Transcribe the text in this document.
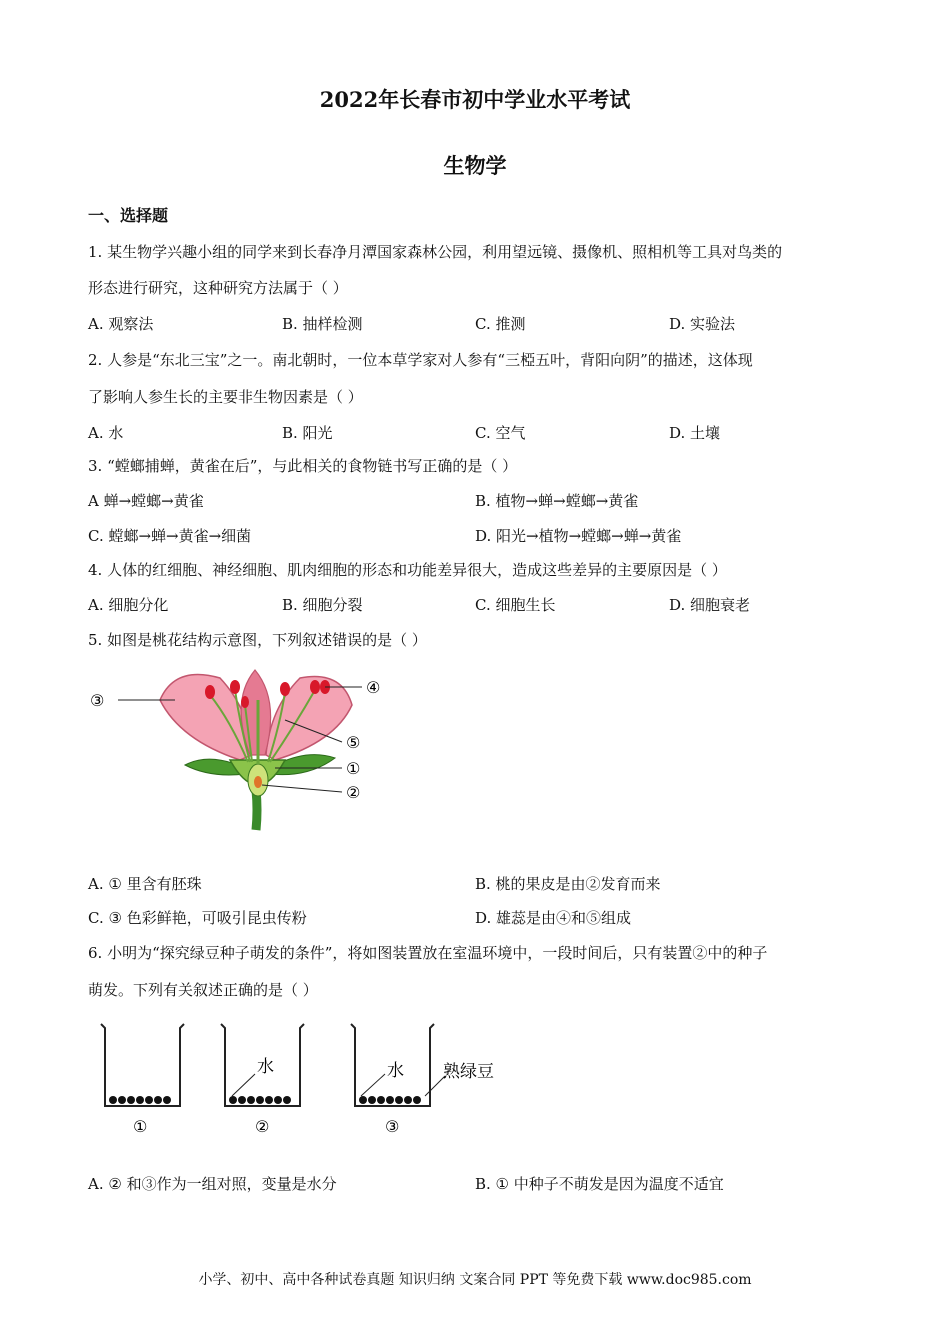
2022年长春市初中学业水平考试
生物学
一、选择题
1. 某生物学兴趣小组的同学来到长春净月潭国家森林公园，利用望远镜、摄像机、照相机等工具对鸟类的
形态进行研究，这种研究方法属于（ ）
A. 观察法	B. 抽样检测	C. 推测	D. 实验法
2. 人参是“东北三宝”之一。南北朝时，一位本草学家对人参有“三椏五叶，背阳向阴”的描述，这体现
了影响人参生长的主要非生物因素是（ ）
A. 水	B. 阳光	C. 空气	D. 土壤
3. “螳螂捕蝉，黄雀在后”，与此相关的食物链书写正确的是（ ）
A 蝉→螳螂→黄雀	B. 植物→蝉→螳螂→黄雀
C. 螳螂→蝉→黄雀→细菌	D. 阳光→植物→螳螂→蝉→黄雀
4. 人体的红细胞、神经细胞、肌肉细胞的形态和功能差异很大，造成这些差异的主要原因是（ ）
A. 细胞分化	B. 细胞分裂	C. 细胞生长	D. 细胞衰老
5. 如图是桃花结构示意图，下列叙述错误的是（ ）
③
④
⑤
①
②
A. ① 里含有胚珠	B. 桃的果皮是由②发育而来
C. ③ 色彩鲜艳，可吸引昆虫传粉	D. 雄蕊是由④和⑤组成
6. 小明为“探究绿豆种子萌发的条件”，将如图装置放在室温环境中，一段时间后，只有装置②中的种子
萌发。下列有关叙述正确的是（ ）
①
水
②
水 熟绿豆
③
A. ② 和③作为一组对照，变量是水分	B. ① 中种子不萌发是因为温度不适宜
小学、初中、高中各种试卷真题 知识归纳 文案合同 PPT 等免费下载 www.doc985.com
